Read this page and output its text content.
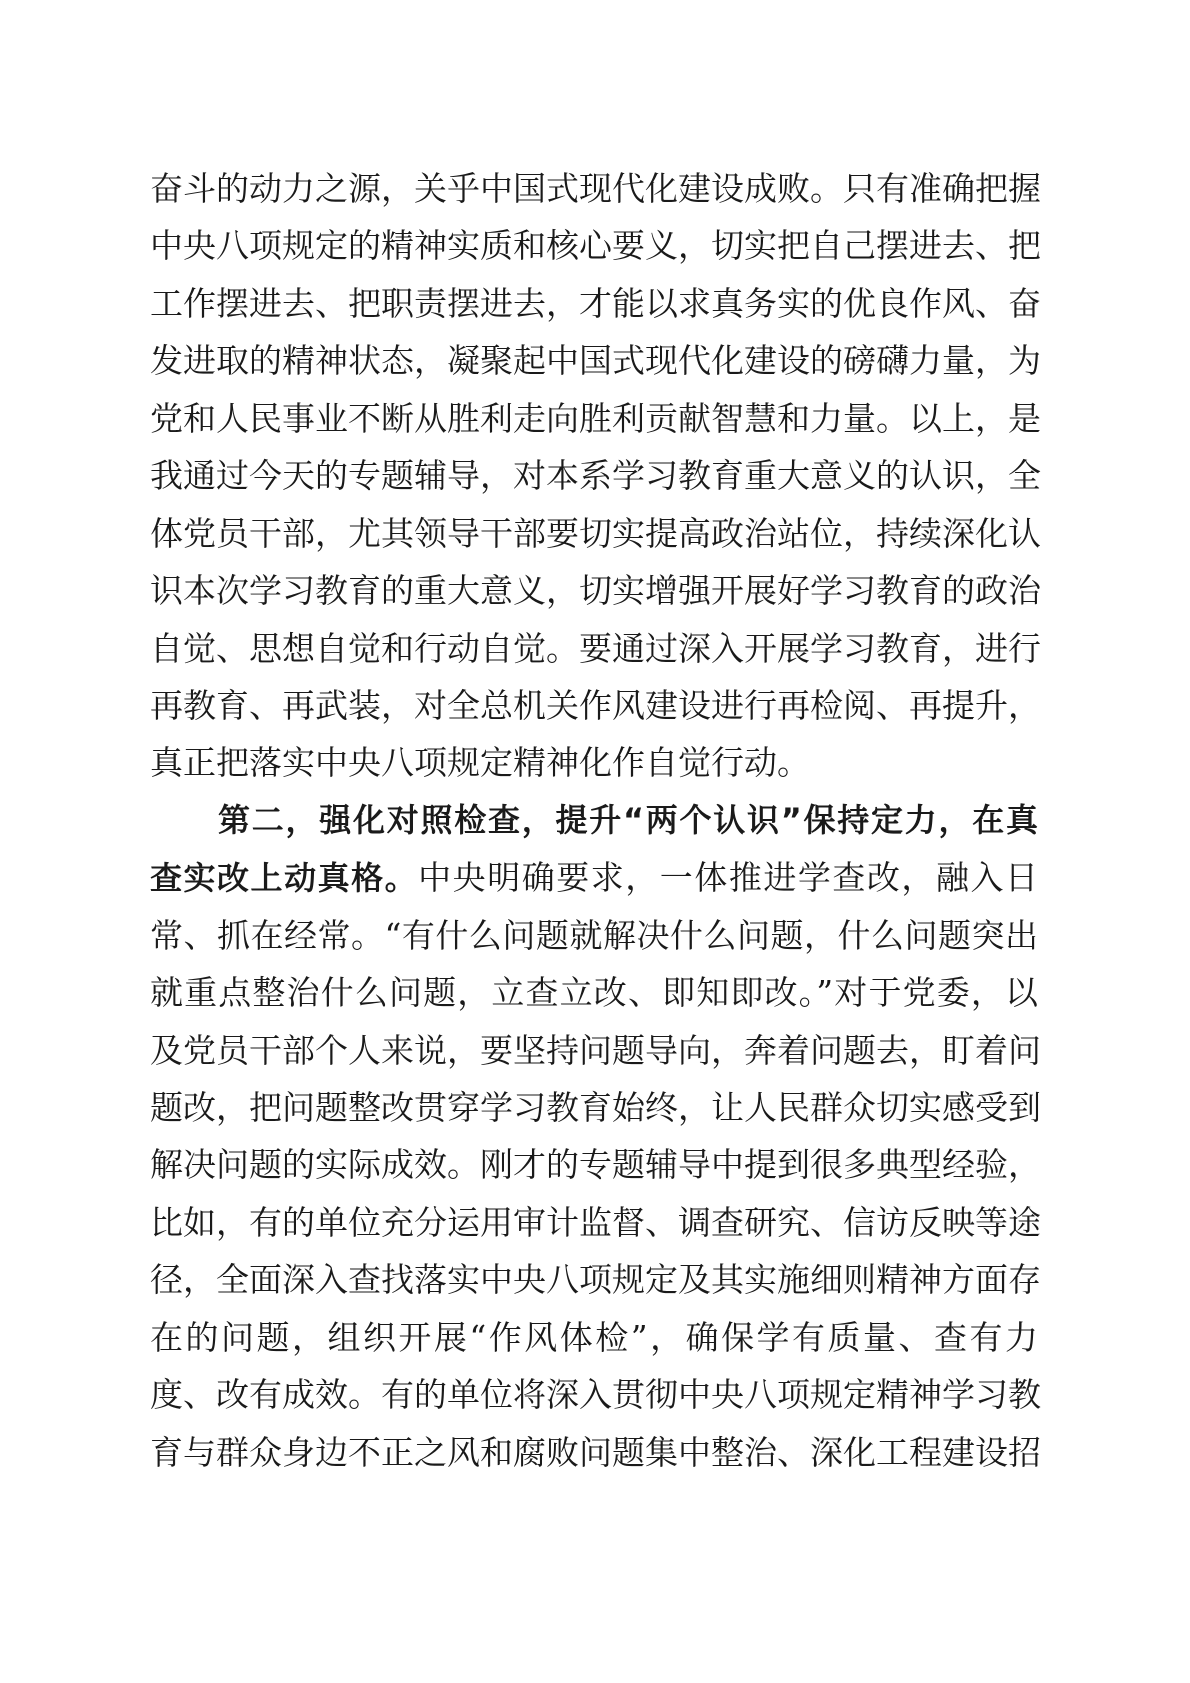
奋斗的动力之源，关乎中国式现代化建设成败。只有准确把握
中央八项规定的精神实质和核心要义，切实把自己摆进去、把
工作摆进去、把职责摆进去，才能以求真务实的优良作风、奋
发进取的精神状态，凝聚起中国式现代化建设的磅礴力量，为
党和人民事业不断从胜利走向胜利贡献智慧和力量。以上，是
我通过今天的专题辅导，对本系学习教育重大意义的认识，全
体党员干部，尤其领导干部要切实提高政治站位，持续深化认
识本次学习教育的重大意义，切实增强开展好学习教育的政治
自觉、思想自觉和行动自觉。要通过深入开展学习教育，进行
再教育、再武装，对全总机关作风建设进行再检阅、再提升，
真正把落实中央八项规定精神化作自觉行动。
第二，强化对照检查，提升“两个认识”保持定力，在真
查实改上动真格。中央明确要求，一体推进学查改，融入日
常、抓在经常。“有什么问题就解决什么问题，什么问题突出
就重点整治什么问题，立查立改、即知即改。”对于党委，以
及党员干部个人来说，要坚持问题导向，奔着问题去，盯着问
题改，把问题整改贯穿学习教育始终，让人民群众切实感受到
解决问题的实际成效。刚才的专题辅导中提到很多典型经验，
比如，有的单位充分运用审计监督、调查研究、信访反映等途
径，全面深入查找落实中央八项规定及其实施细则精神方面存
在的问题，组织开展“作风体检”，确保学有质量、查有力
度、改有成效。有的单位将深入贯彻中央八项规定精神学习教
育与群众身边不正之风和腐败问题集中整治、深化工程建设招
